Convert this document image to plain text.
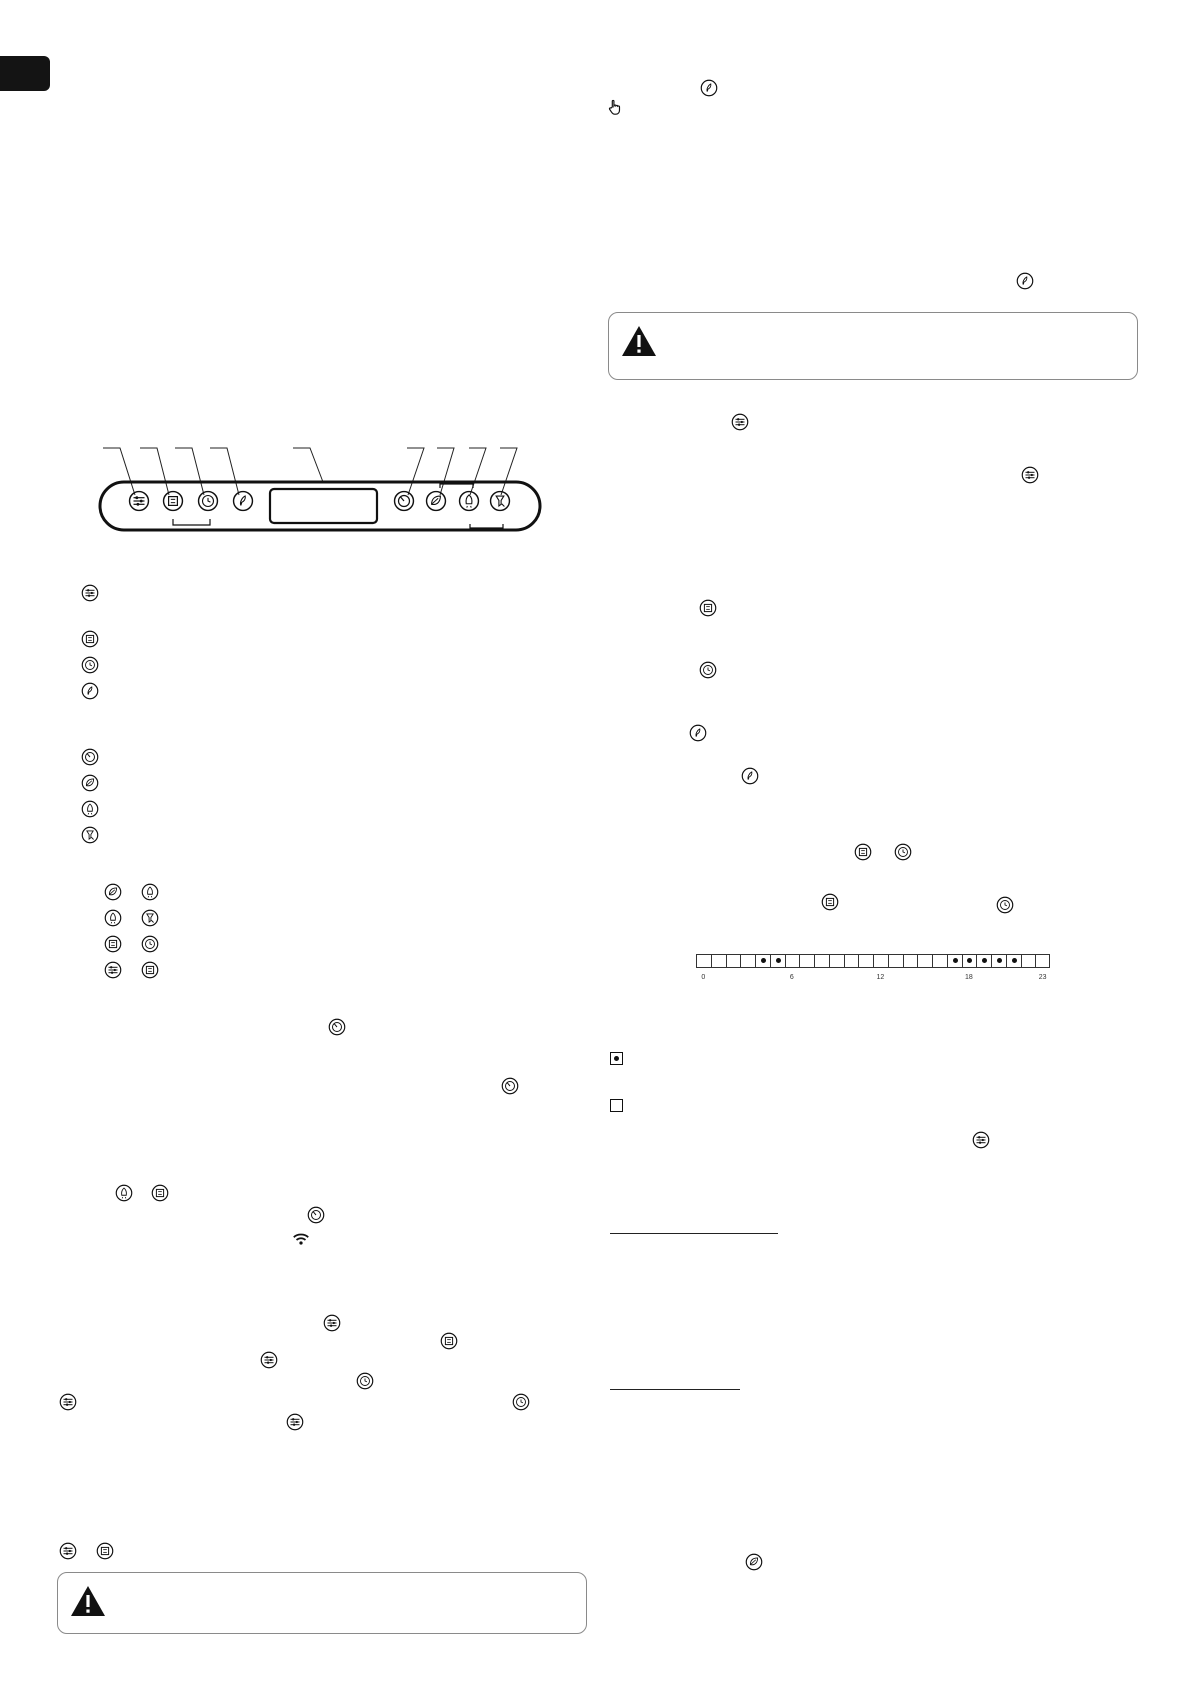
0	6	12	18	23
